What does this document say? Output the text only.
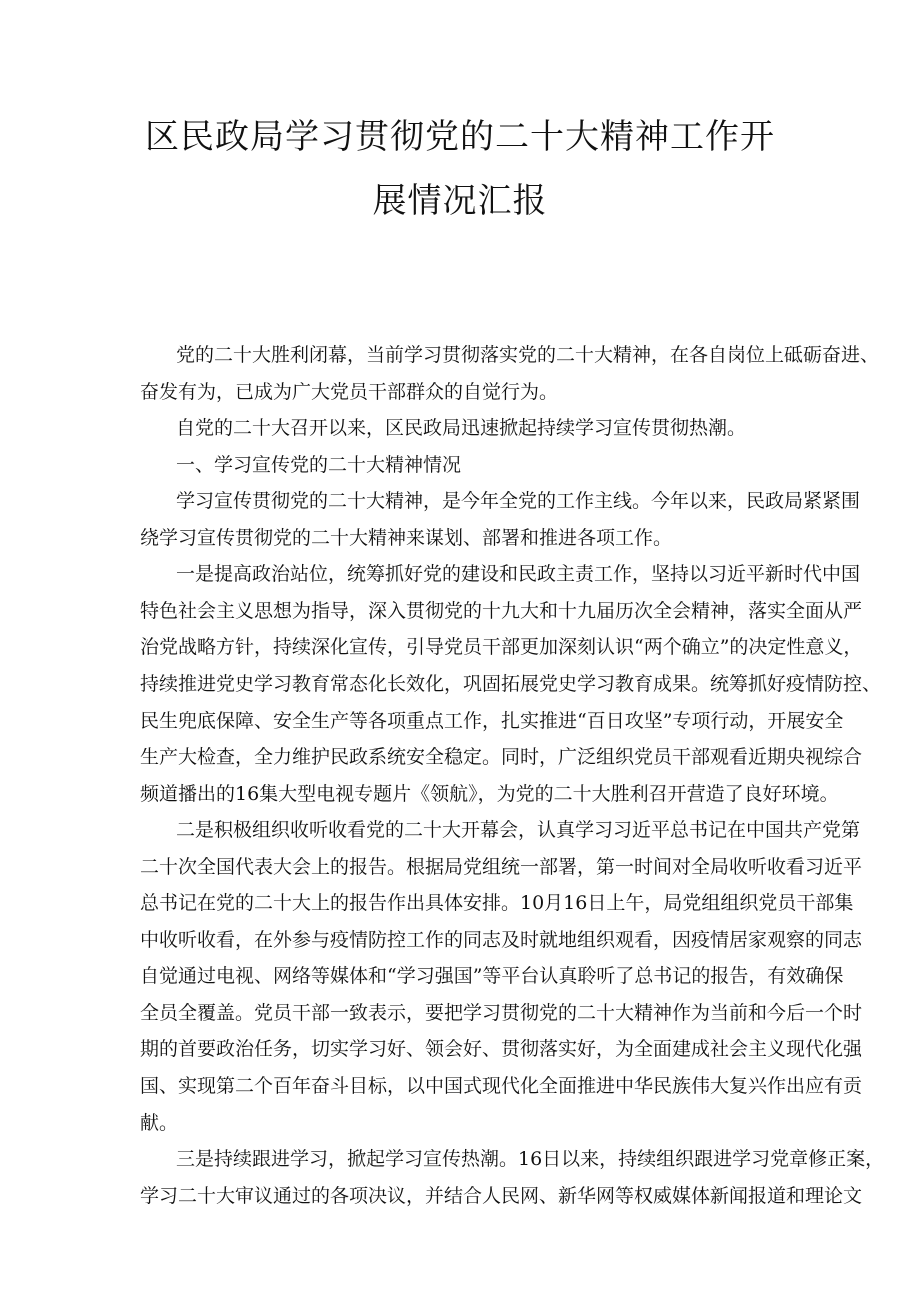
区民政局学习贯彻党的二十大精神工作开
展情况汇报
党的二十大胜利闭幕，当前学习贯彻落实党的二十大精神，在各自岗位上砥砺奋进、
奋发有为，已成为广大党员干部群众的自觉行为。
自党的二十大召开以来，区民政局迅速掀起持续学习宣传贯彻热潮。
一、学习宣传党的二十大精神情况
学习宣传贯彻党的二十大精神，是今年全党的工作主线。今年以来，民政局紧紧围
绕学习宣传贯彻党的二十大精神来谋划、部署和推进各项工作。
一是提高政治站位，统筹抓好党的建设和民政主责工作，坚持以习近平新时代中国
特色社会主义思想为指导，深入贯彻党的十九大和十九届历次全会精神，落实全面从严
治党战略方针，持续深化宣传，引导党员干部更加深刻认识“两个确立”的决定性意义，
持续推进党史学习教育常态化长效化，巩固拓展党史学习教育成果。统筹抓好疫情防控、
民生兜底保障、安全生产等各项重点工作，扎实推进“百日攻坚”专项行动，开展安全
生产大检查，全力维护民政系统安全稳定。同时，广泛组织党员干部观看近期央视综合
频道播出的16集大型电视专题片《领航》，为党的二十大胜利召开营造了良好环境。
二是积极组织收听收看党的二十大开幕会，认真学习习近平总书记在中国共产党第
二十次全国代表大会上的报告。根据局党组统一部署，第一时间对全局收听收看习近平
总书记在党的二十大上的报告作出具体安排。10月16日上午，局党组组织党员干部集
中收听收看，在外参与疫情防控工作的同志及时就地组织观看，因疫情居家观察的同志
自觉通过电视、网络等媒体和“学习强国”等平台认真聆听了总书记的报告，有效确保
全员全覆盖。党员干部一致表示，要把学习贯彻党的二十大精神作为当前和今后一个时
期的首要政治任务，切实学习好、领会好、贯彻落实好，为全面建成社会主义现代化强
国、实现第二个百年奋斗目标，以中国式现代化全面推进中华民族伟大复兴作出应有贡
献。
三是持续跟进学习，掀起学习宣传热潮。16日以来，持续组织跟进学习党章修正案，
学习二十大审议通过的各项决议，并结合人民网、新华网等权威媒体新闻报道和理论文
